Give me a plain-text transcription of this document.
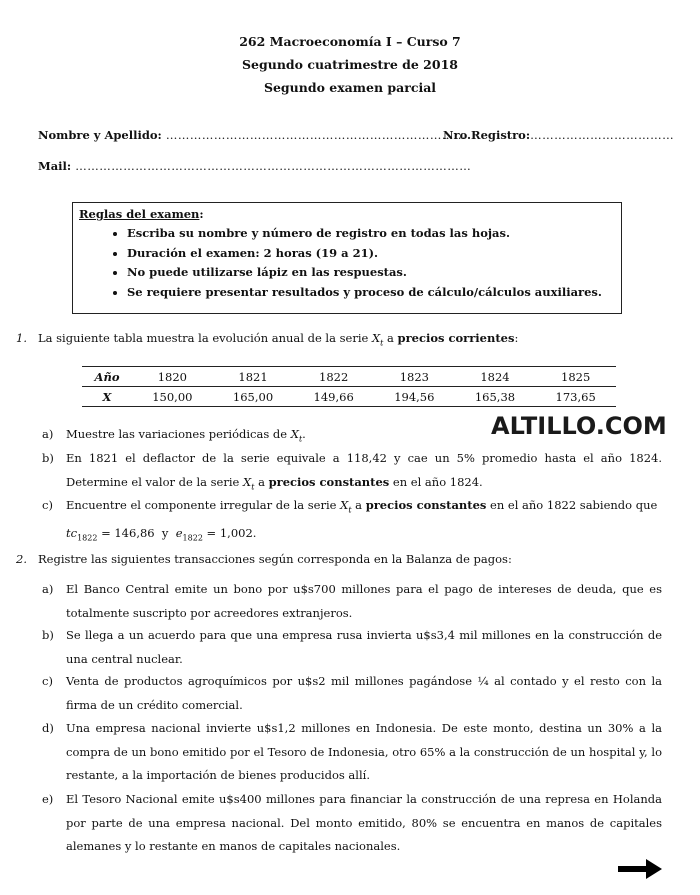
262 Macroeconomía I – Curso 7
Segundo cuatrimestre de 2018
Segundo examen parcial
Nombre y Apellido: …………………………………………………………………
Nro.Registro:………………………………
Mail: ………………………………………………………………………………………
Reglas del examen:
• Escriba su nombre y número de registro en todas las hojas.
• Duración el examen: 2 horas (19 a 21).
• No puede utilizarse lápiz en las respuestas.
• Se requiere presentar resultados y proceso de cálculo/cálculos auxiliares.
1. La siguiente tabla muestra la evolución anual de la serie $X_t$ a precios corrientes:
Año	1820	1821	1822	1823	1824	1825
X	150,00	165,00	149,66	194,56	165,38	173,65
ALTILLO.COM
a) Muestre las variaciones periódicas de $X_t$.
b) En 1821 el deflactor de la serie equivale a 118,42 y cae un 5% promedio hasta el año 1824. Determine el valor de la serie $X_t$ a precios constantes en el año 1824.
c) Encuentre el componente irregular de la serie $X_t$ a precios constantes en el año 1822 sabiendo que
$tc_{1822} = 146,86$  y  $e_{1822} = 1,002$.
2. Registre las siguientes transacciones según corresponda en la Balanza de pagos:
a) El Banco Central emite un bono por u$s700 millones para el pago de intereses de deuda, que es totalmente suscripto por acreedores extranjeros.
b) Se llega a un acuerdo para que una empresa rusa invierta u$s3,4 mil millones en la construcción de una central nuclear.
c) Venta de productos agroquímicos por u$s2 mil millones pagándose ¼ al contado y el resto con la firma de un crédito comercial.
d) Una empresa nacional invierte u$s1,2 millones en Indonesia. De este monto, destina un 30% a la compra de un bono emitido por el Tesoro de Indonesia, otro 65% a la construcción de un hospital y, lo restante, a la importación de bienes producidos allí.
e) El Tesoro Nacional emite u$s400 millones para financiar la construcción de una represa en Holanda por parte de una empresa nacional. Del monto emitido, 80% se encuentra en manos de capitales alemanes y lo restante en manos de capitales nacionales.
